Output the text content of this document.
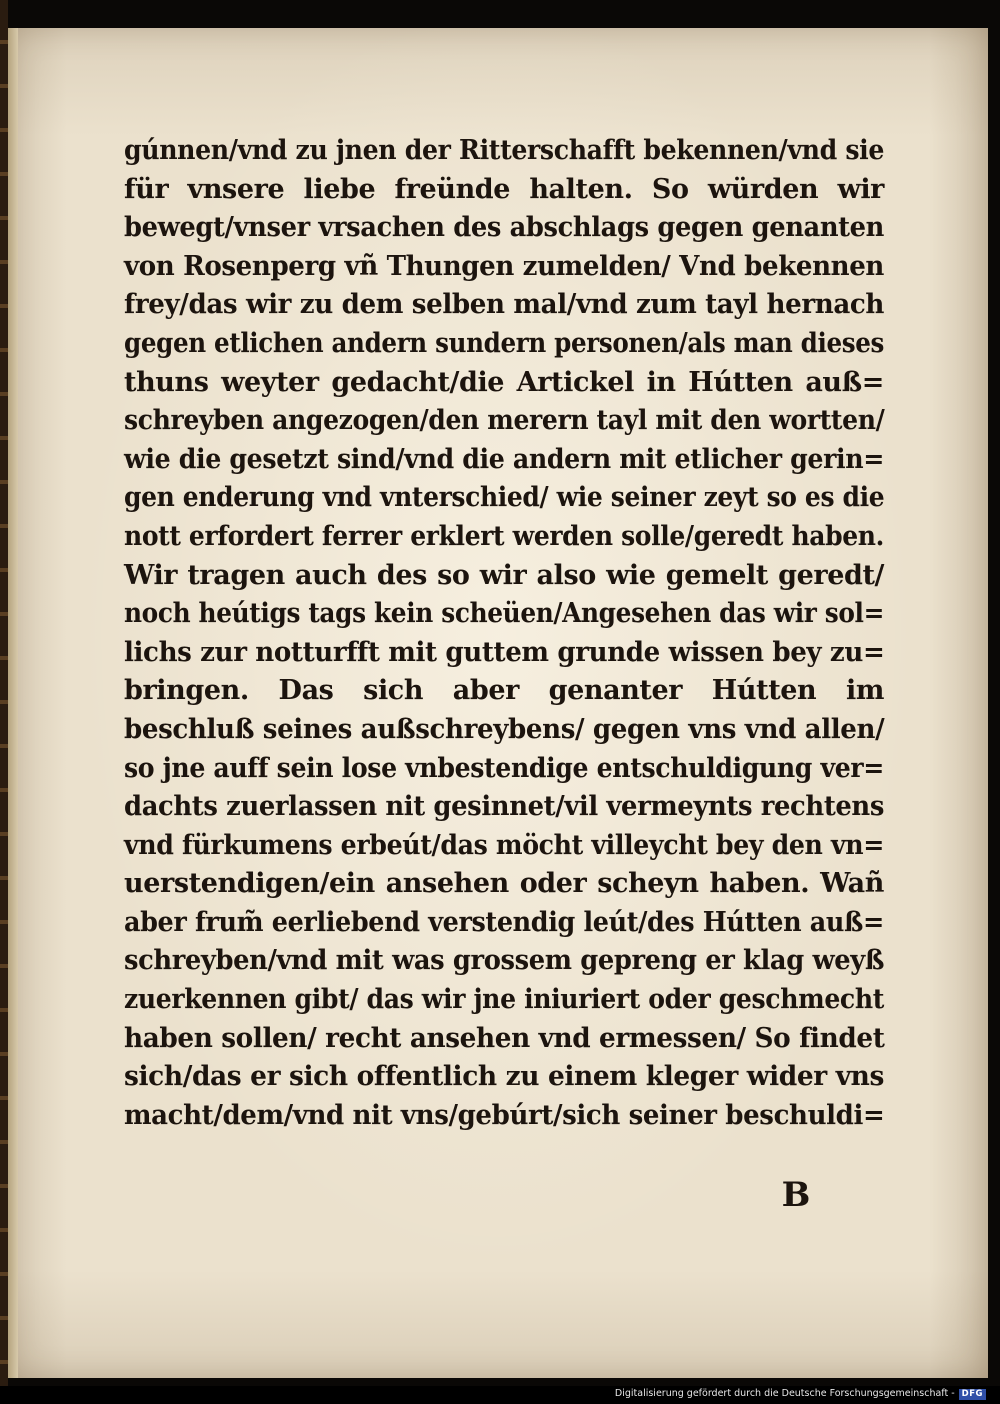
gúnnen/vnd zu jnen der Ritterschafft bekennen/vnd sie
für vnsere liebe freünde halten. So würden wir
bewegt/vnser vrsachen des abschlags gegen genanten
von Rosenperg vñ Thungen zumelden/ Vnd bekennen
frey/das wir zu dem selben mal/vnd zum tayl hernach
gegen etlichen andern sundern personen/als man dieses
thuns weyter gedacht/die Artickel in Hútten auß=
schreyben angezogen/den merern tayl mit den wortten/
wie die gesetzt sind/vnd die andern mit etlicher gerin=
gen enderung vnd vnterschied/ wie seiner zeyt so es die
nott erfordert ferrer erklert werden solle/geredt haben.
Wir tragen auch des so wir also wie gemelt geredt/
noch heútigs tags kein scheüen/Angesehen das wir sol=
lichs zur notturfft mit guttem grunde wissen bey zu=
bringen. Das sich aber genanter Hútten im
beschluß seines außschreybens/ gegen vns vnd allen/
so jne auff sein lose vnbestendige entschuldigung ver=
dachts zuerlassen nit gesinnet/vil vermeynts rechtens
vnd fürkumens erbeút/das möcht villeycht bey den vn=
uerstendigen/ein ansehen oder scheyn haben. Wañ
aber frum̃ eerliebend verstendig leút/des Hútten auß=
schreyben/vnd mit was grossem gepreng er klag weyß
zuerkennen gibt/ das wir jne iniuriert oder geschmecht
haben sollen/ recht ansehen vnd ermessen/ So findet
sich/das er sich offentlich zu einem kleger wider vns
macht/dem/vnd nit vns/gebúrt/sich seiner beschuldi=
B
Digitalisierung gefördert durch die Deutsche Forschungsgemeinschaft - DFG
